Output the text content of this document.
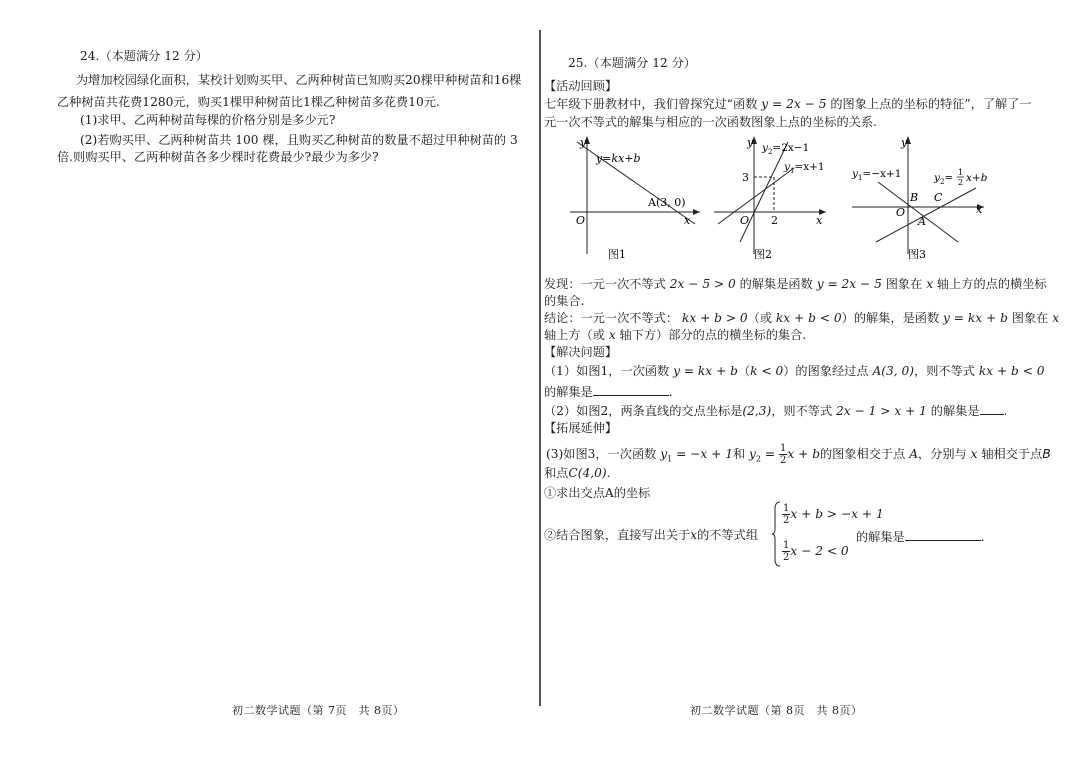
24.（本题满分 12 分）
为增加校园绿化面积，某校计划购买甲、乙两种树苗已知购买20棵甲种树苗和16棵
乙种树苗共花费1280元，购买1棵甲种树苗比1棵乙种树苗多花费10元.
(1)求甲、乙两种树苗每棵的价格分别是多少元?
(2)若购买甲、乙两种树苗共 100 棵，且购买乙种树苗的数量不超过甲种树苗的 3
倍.则购买甲、乙两种树苗各多少棵时花费最少?最少为多少?
25.（本题满分 12 分）
【活动回顾】
七年级下册教材中，我们曾探究过“函数 y = 2x − 5 的图象上点的坐标的特征”，了解了一
元一次不等式的解集与相应的一次函数图象上点的坐标的关系.
y
x
O
y=kx+b
A(3, 0)
图1
y
x
O
3
2
$y_2=2x-1$
$y_1=x+1$
图2
y
x
O
B C
A
$y_1=-x+1$	$y_2= 1$
2 x+b
图3
发现：一元一次不等式 2x − 5 > 0 的解集是函数 y = 2x − 5 图象在 x 轴上方的点的横坐标
的集合.
结论：一元一次不等式： kx + b > 0（或 kx + b < 0）的解集，是函数 y = kx + b 图象在 x
轴上方（或 x 轴下方）部分的点的横坐标的集合.
【解决问题】
（1）如图1，一次函数 y = kx + b（k < 0）的图象经过点 A(3, 0)，则不等式 kx + b < 0
的解集是	.
（2）如图2，两条直线的交点坐标是(2,3)，则不等式 2x − 1 > x + 1 的解集是 .
【拓展延伸】
(3)如图3，一次函数 $y_1 = -x + 1$和 $y_2 = \frac{1}{2}$ x + b的图象相交于点 A，分别与 x 轴相交于点B
和点C(4,0).
①求出交点A的坐标
②结合图象，直接写出关于x的不等式组
$\frac{1}{2}$ x + b > −x + 1
$\frac{1}{2}$ x − 2 < 0
的解集是	.
初二数学试题（第 7页　共 8页）	初二数学试题（第 8页　共 8页）
